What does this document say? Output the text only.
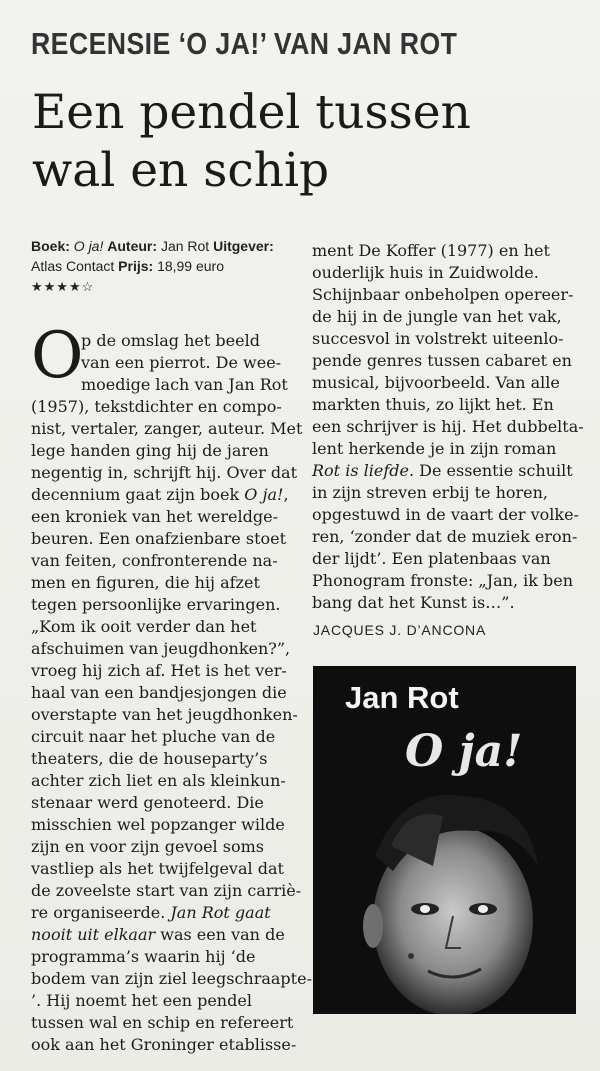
RECENSIE ‘O JA!’ VAN JAN ROT
Een pendel tussen
wal en schip
Boek: O ja! Auteur: Jan Rot Uitgever:
Atlas Contact Prijs: 18,99 euro
★★★★☆
O
p de omslag het beeld
van een pierrot. De wee-
moedige lach van Jan Rot
(1957), tekstdichter en compo-
nist, vertaler, zanger, auteur. Met
lege handen ging hij de jaren
negentig in, schrijft hij. Over dat
decennium gaat zijn boek O ja!,
een kroniek van het wereldge-
beuren. Een onafzienbare stoet
van feiten, confronterende na-
men en figuren, die hij afzet
tegen persoonlijke ervaringen.
„Kom ik ooit verder dan het
afschuimen van jeugdhonken?”,
vroeg hij zich af. Het is het ver-
haal van een bandjesjongen die
overstapte van het jeugdhonken-
circuit naar het pluche van de
theaters, die de houseparty’s
achter zich liet en als kleinkun-
stenaar werd genoteerd. Die
misschien wel popzanger wilde
zijn en voor zijn gevoel soms
vastliep als het twijfelgeval dat
de zoveelste start van zijn carriè-
re organiseerde. Jan Rot gaat
nooit uit elkaar was een van de
programma’s waarin hij ‘de
bodem van zijn ziel leegschraapte-
’. Hij noemt het een pendel
tussen wal en schip en refereert
ook aan het Groninger etablisse-
ment De Koffer (1977) en het
ouderlijk huis in Zuidwolde.
Schijnbaar onbeholpen opereer-
de hij in de jungle van het vak,
succesvol in volstrekt uiteenlo-
pende genres tussen cabaret en
musical, bijvoorbeeld. Van alle
markten thuis, zo lijkt het. En
een schrijver is hij. Het dubbelta-
lent herkende je in zijn roman
Rot is liefde. De essentie schuilt
in zijn streven erbij te horen,
opgestuwd in de vaart der volke-
ren, ‘zonder dat de muziek eron-
der lijdt’. Een platenbaas van
Phonogram fronste: „Jan, ik ben
bang dat het Kunst is…”.
JACQUES J. D’ANCONA
Jan Rot
O ja!
